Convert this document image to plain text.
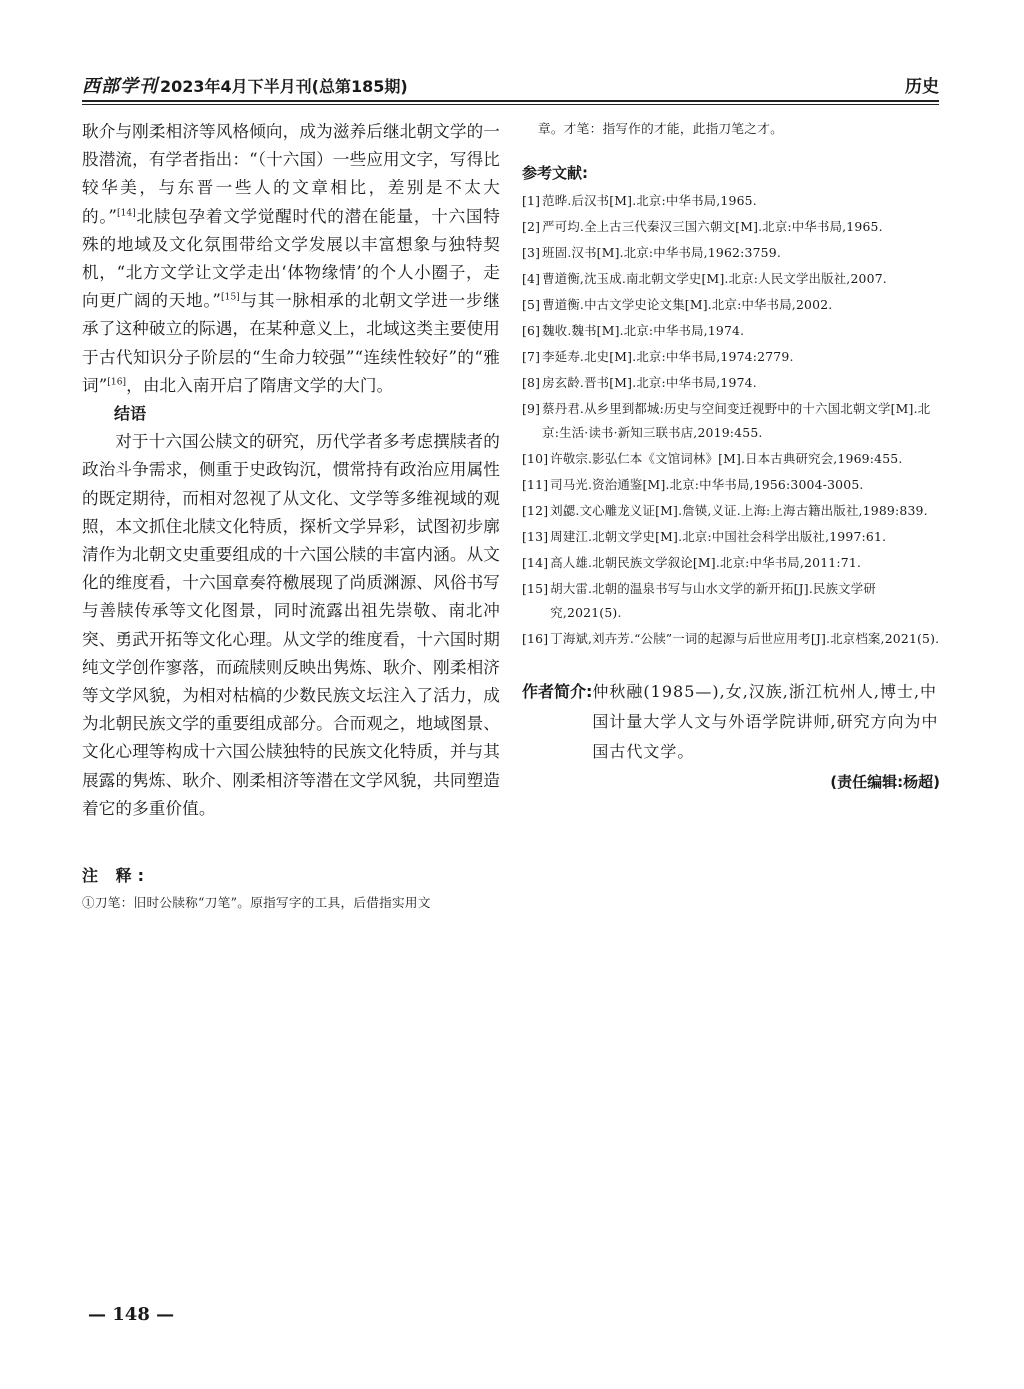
西部学刊 2023年4月下半月刊(总第185期)	历史

耿介与刚柔相济等风格倾向，成为滋养后继北朝文学的一股潜流，有学者指出：“（十六国）一些应用文字，写得比较华美，与东晋一些人的文章相比，差别是不太大的。”[14]北牍包孕着文学觉醒时代的潜在能量，十六国特殊的地域及文化氛围带给文学发展以丰富想象与独特契机，“北方文学让文学走出‘体物缘情’的个人小圈子，走向更广阔的天地。”[15]与其一脉相承的北朝文学进一步继承了这种破立的际遇，在某种意义上，北域这类主要使用于古代知识分子阶层的“生命力较强”“连续性较好”的“雅词”[16]，由北入南开启了隋唐文学的大门。

结语

对于十六国公牍文的研究，历代学者多考虑撰牍者的政治斗争需求，侧重于史政钩沉，惯常持有政治应用属性的既定期待，而相对忽视了从文化、文学等多维视域的观照，本文抓住北牍文化特质，探析文学异彩，试图初步廓清作为北朝文史重要组成的十六国公牍的丰富内涵。从文化的维度看，十六国章奏符檄展现了尚质渊源、风俗书写与善牍传承等文化图景，同时流露出祖先崇敬、南北冲突、勇武开拓等文化心理。从文学的维度看，十六国时期纯文学创作寥落，而疏牍则反映出隽炼、耿介、刚柔相济等文学风貌，为相对枯槁的少数民族文坛注入了活力，成为北朝民族文学的重要组成部分。合而观之，地域图景、文化心理等构成十六国公牍独特的民族文化特质，并与其展露的隽炼、耿介、刚柔相济等潜在文学风貌，共同塑造着它的多重价值。

注 释:
①刀笔：旧时公牍称“刀笔”。原指写字的工具，后借指实用文
章。才笔：指写作的才能，此指刀笔之才。
参考文献:
[1] 范晔.后汉书[M].北京:中华书局,1965.
[2] 严可均.全上古三代秦汉三国六朝文[M].北京:中华书局,1965.
[3] 班固.汉书[M].北京:中华书局,1962:3759.
[4] 曹道衡,沈玉成.南北朝文学史[M].北京:人民文学出版社,2007.
[5] 曹道衡.中古文学史论文集[M].北京:中华书局,2002.
[6] 魏收.魏书[M].北京:中华书局,1974.
[7] 李延寿.北史[M].北京:中华书局,1974:2779.
[8] 房玄龄.晋书[M].北京:中华书局,1974.
[9] 蔡丹君.从乡里到都城:历史与空间变迁视野中的十六国北朝文学[M].北京:生活·读书·新知三联书店,2019:455.
[10] 许敬宗.影弘仁本《文馆词林》[M].日本古典研究会,1969:455.
[11] 司马光.资治通鉴[M].北京:中华书局,1956:3004-3005.
[12] 刘勰.文心雕龙义证[M].詹锳,义证.上海:上海古籍出版社,1989:839.
[13] 周建江.北朝文学史[M].北京:中国社会科学出版社,1997:61.
[14] 高人雄.北朝民族文学叙论[M].北京:中华书局,2011:71.
[15] 胡大雷.北朝的温泉书写与山水文学的新开拓[J].民族文学研究,2021(5).
[16] 丁海斌,刘卉芳.“公牍”一词的起源与后世应用考[J].北京档案,2021(5).
作者简介: 仲秋融(1985—),女,汉族,浙江杭州人,博士,中国计量大学人文与外语学院讲师,研究方向为中国古代文学。
(责任编辑:杨超)
— 148 —
